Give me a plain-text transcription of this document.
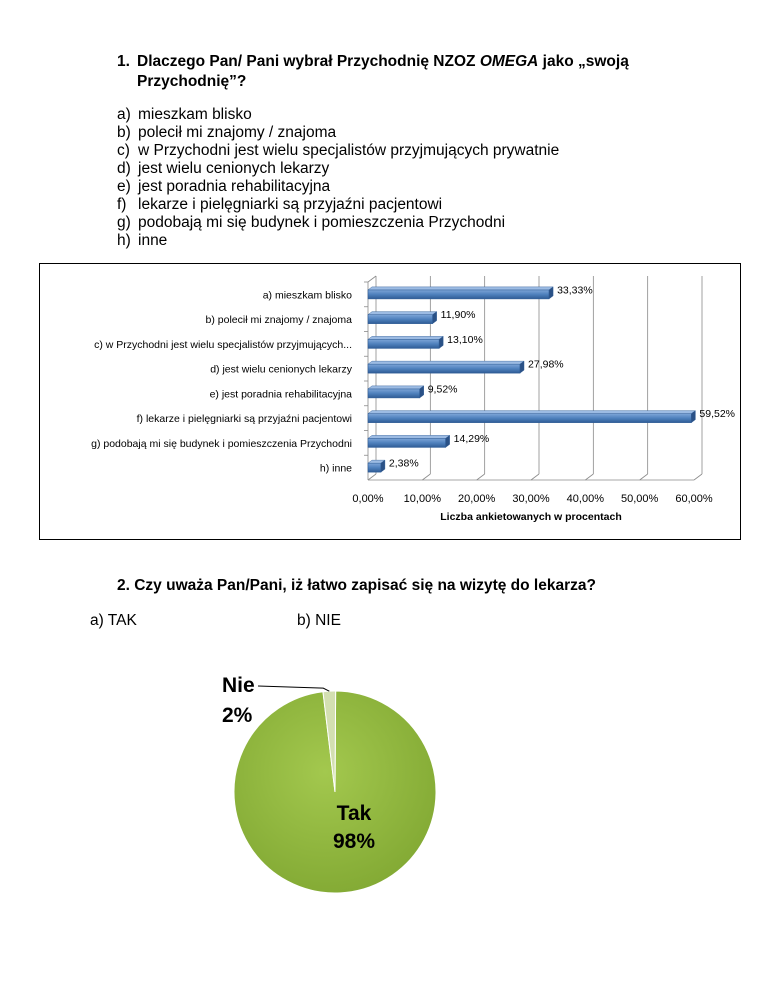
1. Dlaczego Pan/ Pani wybrał Przychodnię NZOZ OMEGA jako „swoją Przychodnię”?
a) mieszkam blisko
b) polecił mi znajomy / znajoma
c) w Przychodni jest wielu specjalistów przyjmujących prywatnie
d) jest wielu cenionych lekarzy
e) jest poradnia rehabilitacyjna
f) lekarze i pielęgniarki są przyjaźni pacjentowi
g) podobają mi się budynek i pomieszczenia Przychodni
h) inne
0,00% 10,00% 20,00% 30,00% 40,00% 50,00% 60,00%
Liczba ankietowanych w procentach
a) mieszkam blisko	33,33%
b) polecił mi znajomy / znajoma	11,90%
c) w Przychodni jest wielu specjalistów przyjmujących...	13,10%
d) jest wielu cenionych lekarzy	27,98%
e) jest poradnia rehabilitacyjna	9,52%
f) lekarze i pielęgniarki są przyjaźni pacjentowi	59,52%
g) podobają mi się budynek i pomieszczenia Przychodni	14,29%
h) inne	2,38%
2. Czy uważa Pan/Pani, iż łatwo zapisać się na wizytę do lekarza?
a) TAK	b) NIE
Nie
2%
Tak
98%
